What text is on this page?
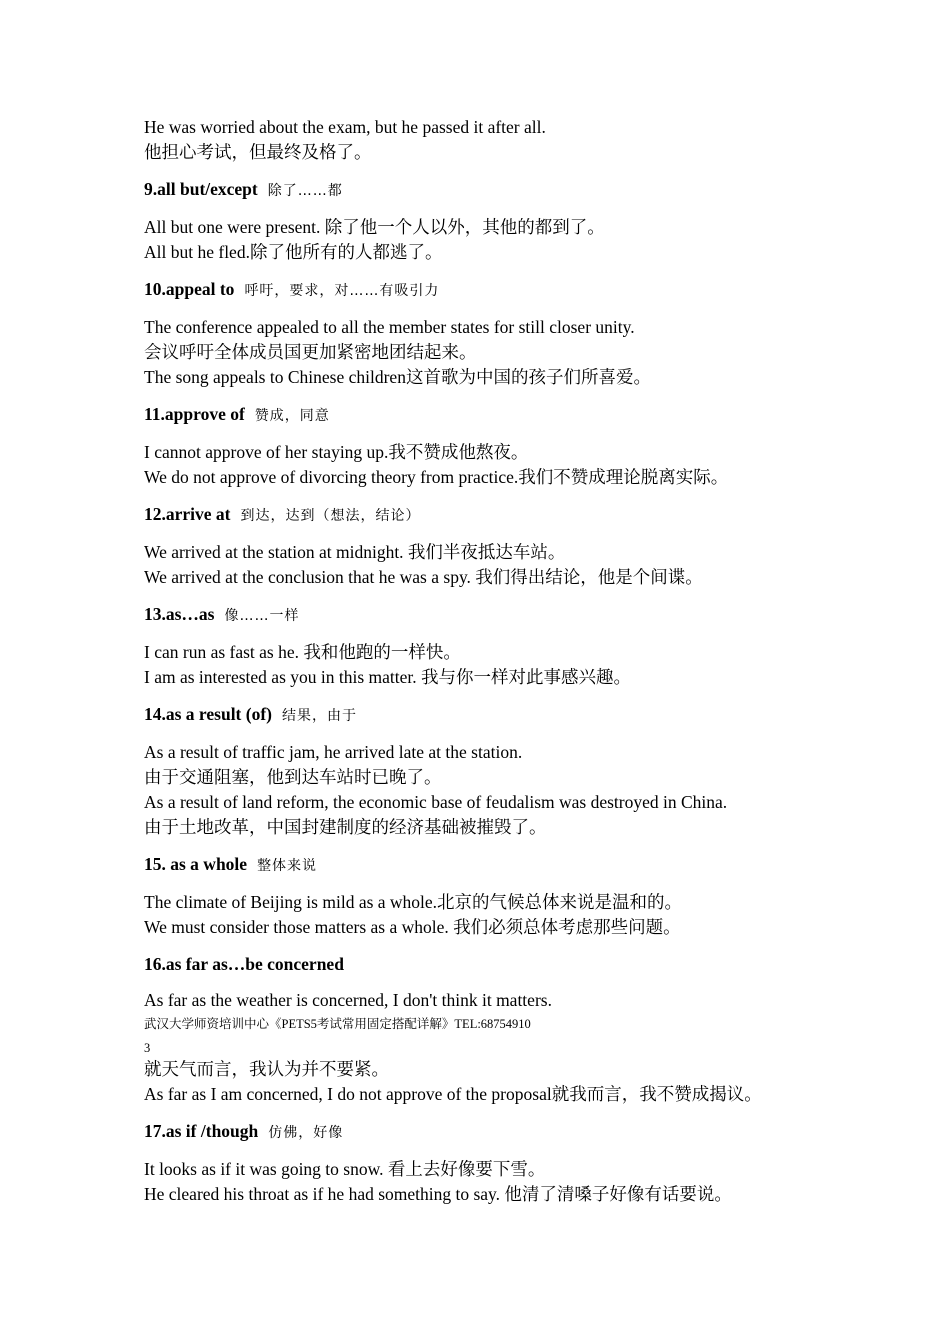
He was worried about the exam, but he passed it after all.
他担心考试，但最终及格了。
9.all but/except 除了……都
All but one were present. 除了他一个人以外，其他的都到了。
All but he fled.除了他所有的人都逃了。
10.appeal to 呼吁，要求，对……有吸引力
The conference appealed to all the member states for still closer unity.
会议呼吁全体成员国更加紧密地团结起来。
The song appeals to Chinese children这首歌为中国的孩子们所喜爱。
11.approve of 赞成，同意
I cannot approve of her staying up.我不赞成他熬夜。
We do not approve of divorcing theory from practice.我们不赞成理论脱离实际。
12.arrive at 到达，达到（想法，结论）
We arrived at the station at midnight. 我们半夜抵达车站。
We arrived at the conclusion that he was a spy. 我们得出结论，他是个间谍。
13.as…as 像……一样
I can run as fast as he. 我和他跑的一样快。
I am as interested as you in this matter. 我与你一样对此事感兴趣。
14.as a result (of) 结果，由于
As a result of traffic jam, he arrived late at the station.
由于交通阻塞，他到达车站时已晚了。
As a result of land reform, the economic base of feudalism was destroyed in China.
由于土地改革，中国封建制度的经济基础被摧毁了。
15. as a whole 整体来说
The climate of Beijing is mild as a whole.北京的气候总体来说是温和的。
We must consider those matters as a whole. 我们必须总体考虑那些问题。
16.as far as…be concerned
As far as the weather is concerned, I don't think it matters.
武汉大学师资培训中心《PETS5考试常用固定搭配详解》TEL:68754910
3
就天气而言，我认为并不要紧。
As far as I am concerned, I do not approve of the proposal就我而言，我不赞成揭议。
17.as if /though 仿佛，好像
It looks as if it was going to snow. 看上去好像要下雪。
He cleared his throat as if he had something to say. 他清了清嗓子好像有话要说。
